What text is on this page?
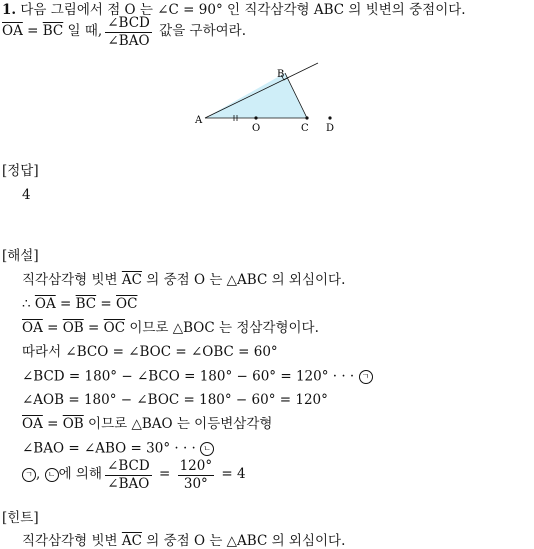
1. 다음 그림에서 점 O 는 ∠C = 90° 인 직각삼각형 ABC 의 빗변의 중점이다.
$\overline{OA} = \overline{BC}$ 일 때, $\frac{\text{∠BCD}}{\text{∠BAO}}$ 값을 구하여라.
A
B
O	C D
[정답]
4
[해설]
직각삼각형 빗변 $\overline{AC}$ 의 중점 O 는 △ABC 의 외심이다.
∴ $\overline{OA} = \overline{BC} = \overline{OC}$
$\overline{OA} = \overline{OB} = \overline{OC}$ 이므로 △BOC 는 정삼각형이다.
따라서 ∠BCO = ∠BOC = ∠OBC = 60°
∠BCD = 180° − ∠BCO = 180° − 60° = 120° · · · ㄱ
∠AOB = 180° − ∠BOC = 180° − 60° = 120°
$\overline{OA} = \overline{OB}$ 이므로 △BAO 는 이등변삼각형
∠BAO = ∠ABO = 30° · · · ㄴ
ㄱ , ㄴ 에 의해 $\frac{\text{∠BCD}}{\text{∠BAO}} = \frac{120^\circ}{30^\circ} = 4$
[힌트]
직각삼각형 빗변 $\overline{AC}$ 의 중점 O 는 △ABC 의 외심이다.
